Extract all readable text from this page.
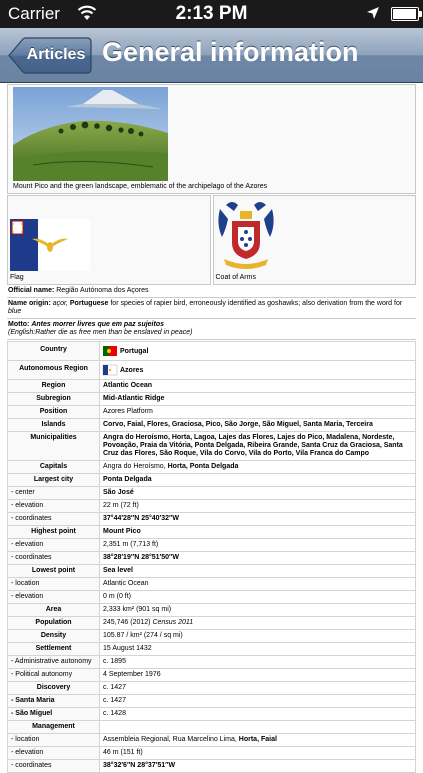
Carrier	2:13 PM
Articles General information
Mount Pico and the green landscape, emblematic of the archipelago of the Azores
Flag	Coat of Arms
Official name: Região Autónoma dos Açores
Name origin: açor, Portuguese for species of rapier bird, erroneously identified as goshawks; also derivation from the word for blue
Motto: Antes morrer livres que em paz sujeitos
(English:Rather die as free men than be enslaved in peace)
Country	Portugal
Autonomous Region	Azores
Region	Atlantic Ocean
Subregion	Mid-Atlantic Ridge
Position	Azores Platform
Islands	Corvo, Faial, Flores, Graciosa, Pico, São Jorge, São Miguel, Santa Maria, Terceira
Municipalities	Angra do Heroísmo, Horta, Lagoa, Lajes das Flores, Lajes do Pico, Madalena, Nordeste, Povoação, Praia da Vitória, Ponta Delgada, Ribeira Grande, Santa Cruz da Graciosa, Santa Cruz das Flores, São Roque, Vila do Corvo, Vila do Porto, Vila Franca do Campo
Capitals	Angra do Heroísmo, Horta, Ponta Delgada
Largest city	Ponta Delgada
- center	São José
- elevation	22 m (72 ft)
- coordinates	37°44′28″N 25°40′32″W
Highest point	Mount Pico
- elevation	2,351 m (7,713 ft)
- coordinates	38°28′19″N 28°51′50″W
Lowest point	Sea level
- location	Atlantic Ocean
- elevation	0 m (0 ft)
Area	2,333 km² (901 sq mi)
Population	245,746 (2012) Census 2011
Density	105.87 / km² (274 / sq mi)
Settlement	15 August 1432
- Administrative autonomy	c. 1895
- Political autonomy	4 September 1976
Discovery	c. 1427
- Santa Maria	c. 1427
- São Miguel	c. 1428
Management	
- location	Assembleia Regional, Rua Marcelino Lima, Horta, Faial
- elevation	46 m (151 ft)
- coordinates	38°32′6″N 28°37′51″W
